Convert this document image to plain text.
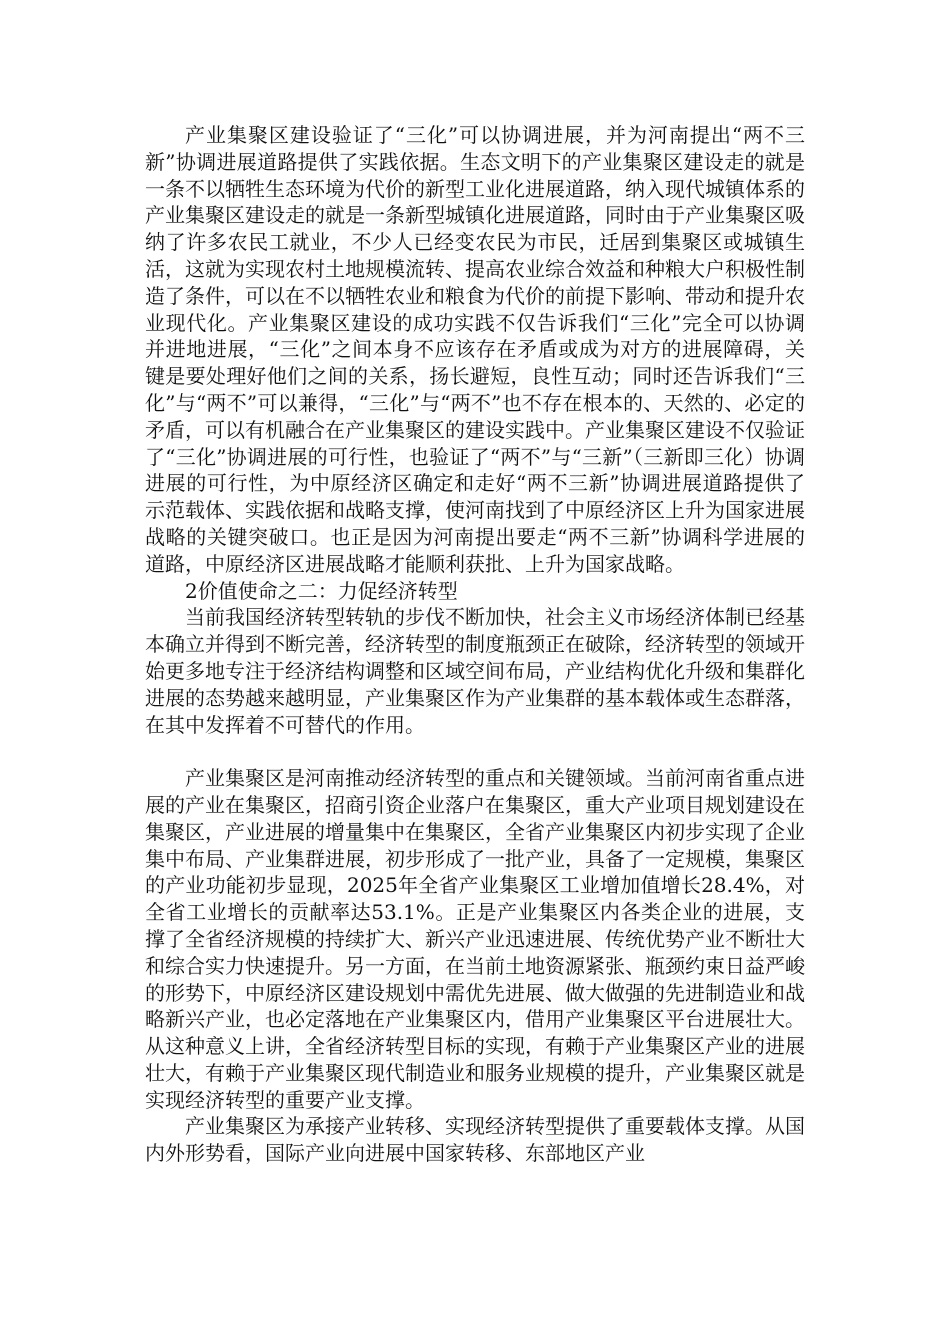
产业集聚区建设验证了“三化”可以协调进展，并为河南提出“两不三新”协调进展道路提供了实践依据。生态文明下的产业集聚区建设走的就是一条不以牺牲生态环境为代价的新型工业化进展道路，纳入现代城镇体系的产业集聚区建设走的就是一条新型城镇化进展道路，同时由于产业集聚区吸纳了许多农民工就业，不少人已经变农民为市民，迁居到集聚区或城镇生活，这就为实现农村土地规模流转、提高农业综合效益和种粮大户积极性制造了条件，可以在不以牺牲农业和粮食为代价的前提下影响、带动和提升农业现代化。产业集聚区建设的成功实践不仅告诉我们“三化”完全可以协调并进地进展，“三化”之间本身不应该存在矛盾或成为对方的进展障碍，关键是要处理好他们之间的关系，扬长避短，良性互动；同时还告诉我们“三化”与“两不”可以兼得，“三化”与“两不”也不存在根本的、天然的、必定的矛盾，可以有机融合在产业集聚区的建设实践中。产业集聚区建设不仅验证了“三化”协调进展的可行性，也验证了“两不”与“三新”（三新即三化）协调进展的可行性，为中原经济区确定和走好“两不三新”协调进展道路提供了示范载体、实践依据和战略支撑，使河南找到了中原经济区上升为国家进展战略的关键突破口。也正是因为河南提出要走“两不三新”协调科学进展的道路，中原经济区进展战略才能顺利获批、上升为国家战略。

2价值使命之二：力促经济转型

当前我国经济转型转轨的步伐不断加快，社会主义市场经济体制已经基本确立并得到不断完善，经济转型的制度瓶颈正在破除，经济转型的领域开始更多地专注于经济结构调整和区域空间布局，产业结构优化升级和集群化进展的态势越来越明显，产业集聚区作为产业集群的基本载体或生态群落，在其中发挥着不可替代的作用。

产业集聚区是河南推动经济转型的重点和关键领域。当前河南省重点进展的产业在集聚区，招商引资企业落户在集聚区，重大产业项目规划建设在集聚区，产业进展的增量集中在集聚区，全省产业集聚区内初步实现了企业集中布局、产业集群进展，初步形成了一批产业，具备了一定规模，集聚区的产业功能初步显现，2025年全省产业集聚区工业增加值增长28.4%，对全省工业增长的贡献率达53.1%。正是产业集聚区内各类企业的进展，支撑了全省经济规模的持续扩大、新兴产业迅速进展、传统优势产业不断壮大和综合实力快速提升。另一方面，在当前土地资源紧张、瓶颈约束日益严峻的形势下，中原经济区建设规划中需优先进展、做大做强的先进制造业和战略新兴产业，也必定落地在产业集聚区内，借用产业集聚区平台进展壮大。从这种意义上讲，全省经济转型目标的实现，有赖于产业集聚区产业的进展壮大，有赖于产业集聚区现代制造业和服务业规模的提升，产业集聚区就是实现经济转型的重要产业支撑。

产业集聚区为承接产业转移、实现经济转型提供了重要载体支撑。从国内外形势看，国际产业向进展中国家转移、东部地区产业
